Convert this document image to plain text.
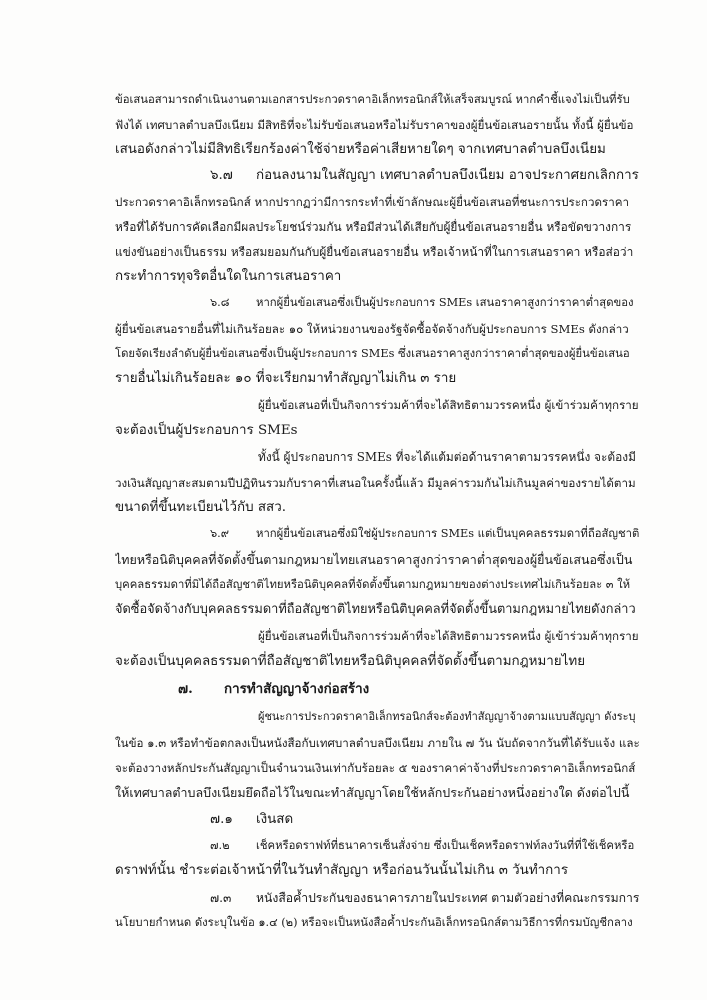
ข้อเสนอสามารถดำเนินงานตามเอกสารประกวดราคาอิเล็กทรอนิกส์ให้เสร็จสมบูรณ์ หากคำชี้แจงไม่เป็นที่รับ
ฟังได้ เทศบาลตำบลบึงเนียม มีสิทธิที่จะไม่รับข้อเสนอหรือไม่รับราคาของผู้ยื่นข้อเสนอรายนั้น ทั้งนี้ ผู้ยื่นข้อ
เสนอดังกล่าวไม่มีสิทธิเรียกร้องค่าใช้จ่ายหรือค่าเสียหายใดๆ จากเทศบาลตำบลบึงเนียม
๖.๗ ก่อนลงนามในสัญญา เทศบาลตำบลบึงเนียม อาจประกาศยกเลิกการ
ประกวดราคาอิเล็กทรอนิกส์ หากปรากฏว่ามีการกระทำที่เข้าลักษณะผู้ยื่นข้อเสนอที่ชนะการประกวดราคา
หรือที่ได้รับการคัดเลือกมีผลประโยชน์ร่วมกัน หรือมีส่วนได้เสียกับผู้ยื่นข้อเสนอรายอื่น หรือขัดขวางการ
แข่งขันอย่างเป็นธรรม หรือสมยอมกันกับผู้ยื่นข้อเสนอรายอื่น หรือเจ้าหน้าที่ในการเสนอราคา หรือส่อว่า
กระทำการทุจริตอื่นใดในการเสนอราคา
๖.๘ หากผู้ยื่นข้อเสนอซึ่งเป็นผู้ประกอบการ SMEs เสนอราคาสูงกว่าราคาต่ำสุดของ
ผู้ยื่นข้อเสนอรายอื่นที่ไม่เกินร้อยละ ๑๐ ให้หน่วยงานของรัฐจัดซื้อจัดจ้างกับผู้ประกอบการ SMEs ดังกล่าว
โดยจัดเรียงลำดับผู้ยื่นข้อเสนอซึ่งเป็นผู้ประกอบการ SMEs ซึ่งเสนอราคาสูงกว่าราคาต่ำสุดของผู้ยื่นข้อเสนอ
รายอื่นไม่เกินร้อยละ ๑๐ ที่จะเรียกมาทำสัญญาไม่เกิน ๓ ราย
ผู้ยื่นข้อเสนอที่เป็นกิจการร่วมค้าที่จะได้สิทธิตามวรรคหนึ่ง ผู้เข้าร่วมค้าทุกราย
จะต้องเป็นผู้ประกอบการ SMEs
ทั้งนี้ ผู้ประกอบการ SMEs ที่จะได้แต้มต่อด้านราคาตามวรรคหนึ่ง จะต้องมี
วงเงินสัญญาสะสมตามปีปฏิทินรวมกับราคาที่เสนอในครั้งนี้แล้ว มีมูลค่ารวมกันไม่เกินมูลค่าของรายได้ตาม
ขนาดที่ขึ้นทะเบียนไว้กับ สสว.
๖.๙ หากผู้ยื่นข้อเสนอซึ่งมิใช่ผู้ประกอบการ SMEs แต่เป็นบุคคลธรรมดาที่ถือสัญชาติ
ไทยหรือนิติบุคคลที่จัดตั้งขึ้นตามกฎหมายไทยเสนอราคาสูงกว่าราคาต่ำสุดของผู้ยื่นข้อเสนอซึ่งเป็น
บุคคลธรรมดาที่มิได้ถือสัญชาติไทยหรือนิติบุคคลที่จัดตั้งขึ้นตามกฎหมายของต่างประเทศไม่เกินร้อยละ ๓ ให้
จัดซื้อจัดจ้างกับบุคคลธรรมดาที่ถือสัญชาติไทยหรือนิติบุคคลที่จัดตั้งขึ้นตามกฎหมายไทยดังกล่าว
ผู้ยื่นข้อเสนอที่เป็นกิจการร่วมค้าที่จะได้สิทธิตามวรรคหนึ่ง ผู้เข้าร่วมค้าทุกราย
จะต้องเป็นบุคคลธรรมดาที่ถือสัญชาติไทยหรือนิติบุคคลที่จัดตั้งขึ้นตามกฎหมายไทย
๗. การทำสัญญาจ้างก่อสร้าง
ผู้ชนะการประกวดราคาอิเล็กทรอนิกส์จะต้องทำสัญญาจ้างตามแบบสัญญา ดังระบุ
ในข้อ ๑.๓ หรือทำข้อตกลงเป็นหนังสือกับเทศบาลตำบลบึงเนียม ภายใน ๗ วัน นับถัดจากวันที่ได้รับแจ้ง และ
จะต้องวางหลักประกันสัญญาเป็นจำนวนเงินเท่ากับร้อยละ ๕ ของราคาค่าจ้างที่ประกวดราคาอิเล็กทรอนิกส์
ให้เทศบาลตำบลบึงเนียมยึดถือไว้ในขณะทำสัญญาโดยใช้หลักประกันอย่างหนึ่งอย่างใด ดังต่อไปนี้
๗.๑ เงินสด
๗.๒ เช็คหรือดราฟท์ที่ธนาคารเซ็นสั่งจ่าย ซึ่งเป็นเช็คหรือดราฟท์ลงวันที่ที่ใช้เช็คหรือ
ดราฟท์นั้น ชำระต่อเจ้าหน้าที่ในวันทำสัญญา หรือก่อนวันนั้นไม่เกิน ๓ วันทำการ
๗.๓ หนังสือค้ำประกันของธนาคารภายในประเทศ ตามตัวอย่างที่คณะกรรมการ
นโยบายกำหนด ดังระบุในข้อ ๑.๔ (๒) หรือจะเป็นหนังสือค้ำประกันอิเล็กทรอนิกส์ตามวิธีการที่กรมบัญชีกลาง
